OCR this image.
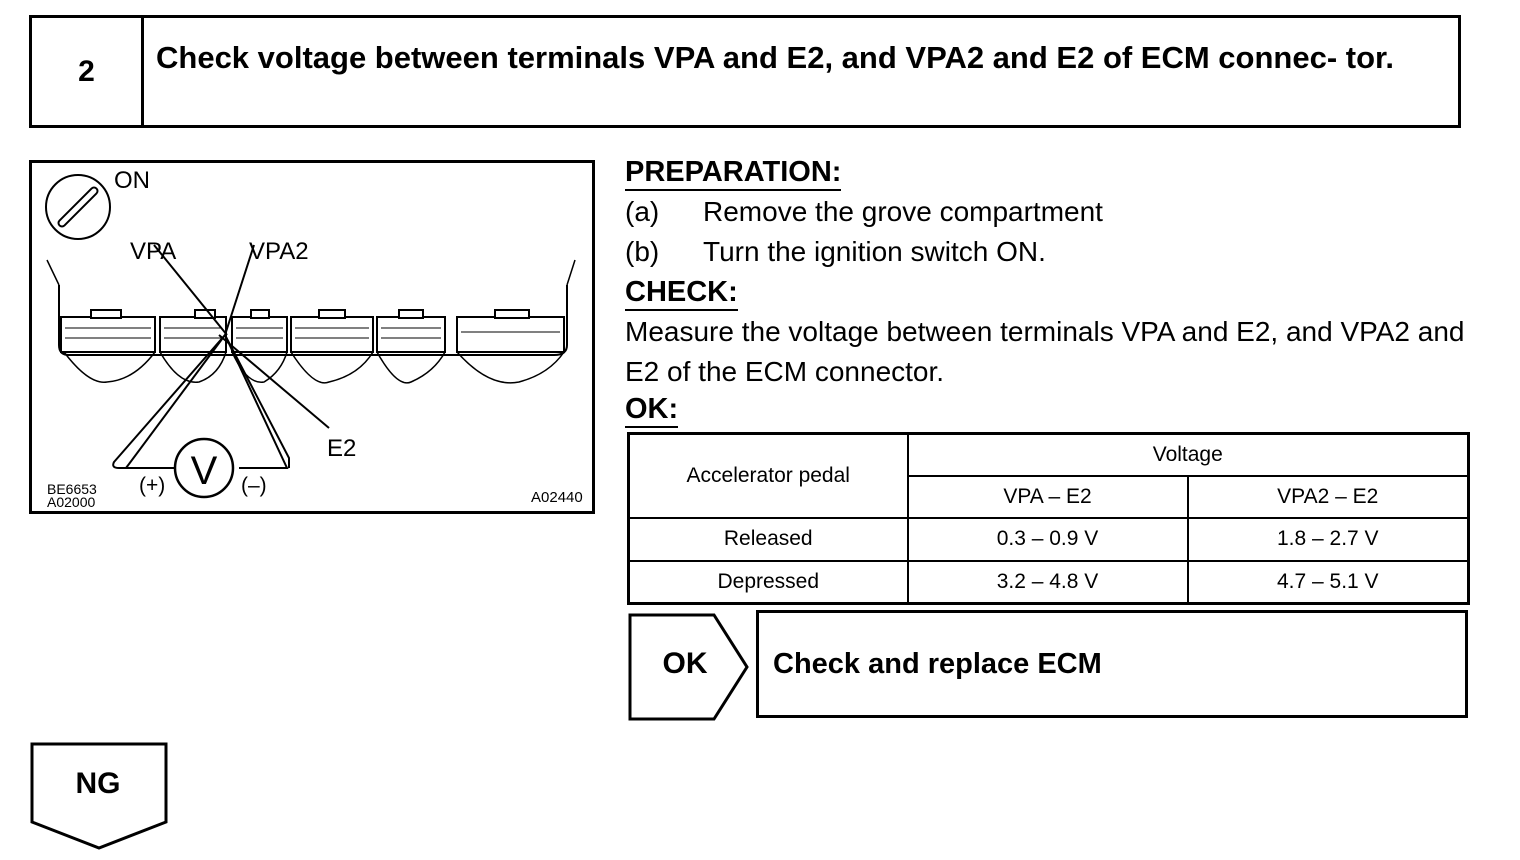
2	Check voltage between terminals VPA and E2, and VPA2 and E2 of ECM connec- tor.
ON
VPA	VPA2
E2
V
(+)	(–)
BE6653
A02000	A02440
PREPARATION:
(a) Remove the grove compartment
(b) Turn the ignition switch ON.
CHECK:
Measure the voltage between terminals VPA and E2, and VPA2 and E2 of the ECM connector.
OK:
Accelerator pedal	Voltage	
	VPA – E2	VPA2 – E2
Released	0.3 – 0.9 V	1.8 – 2.7 V
Depressed	3.2 – 4.8 V	4.7 – 5.1 V
OK	Check and replace ECM
NG
